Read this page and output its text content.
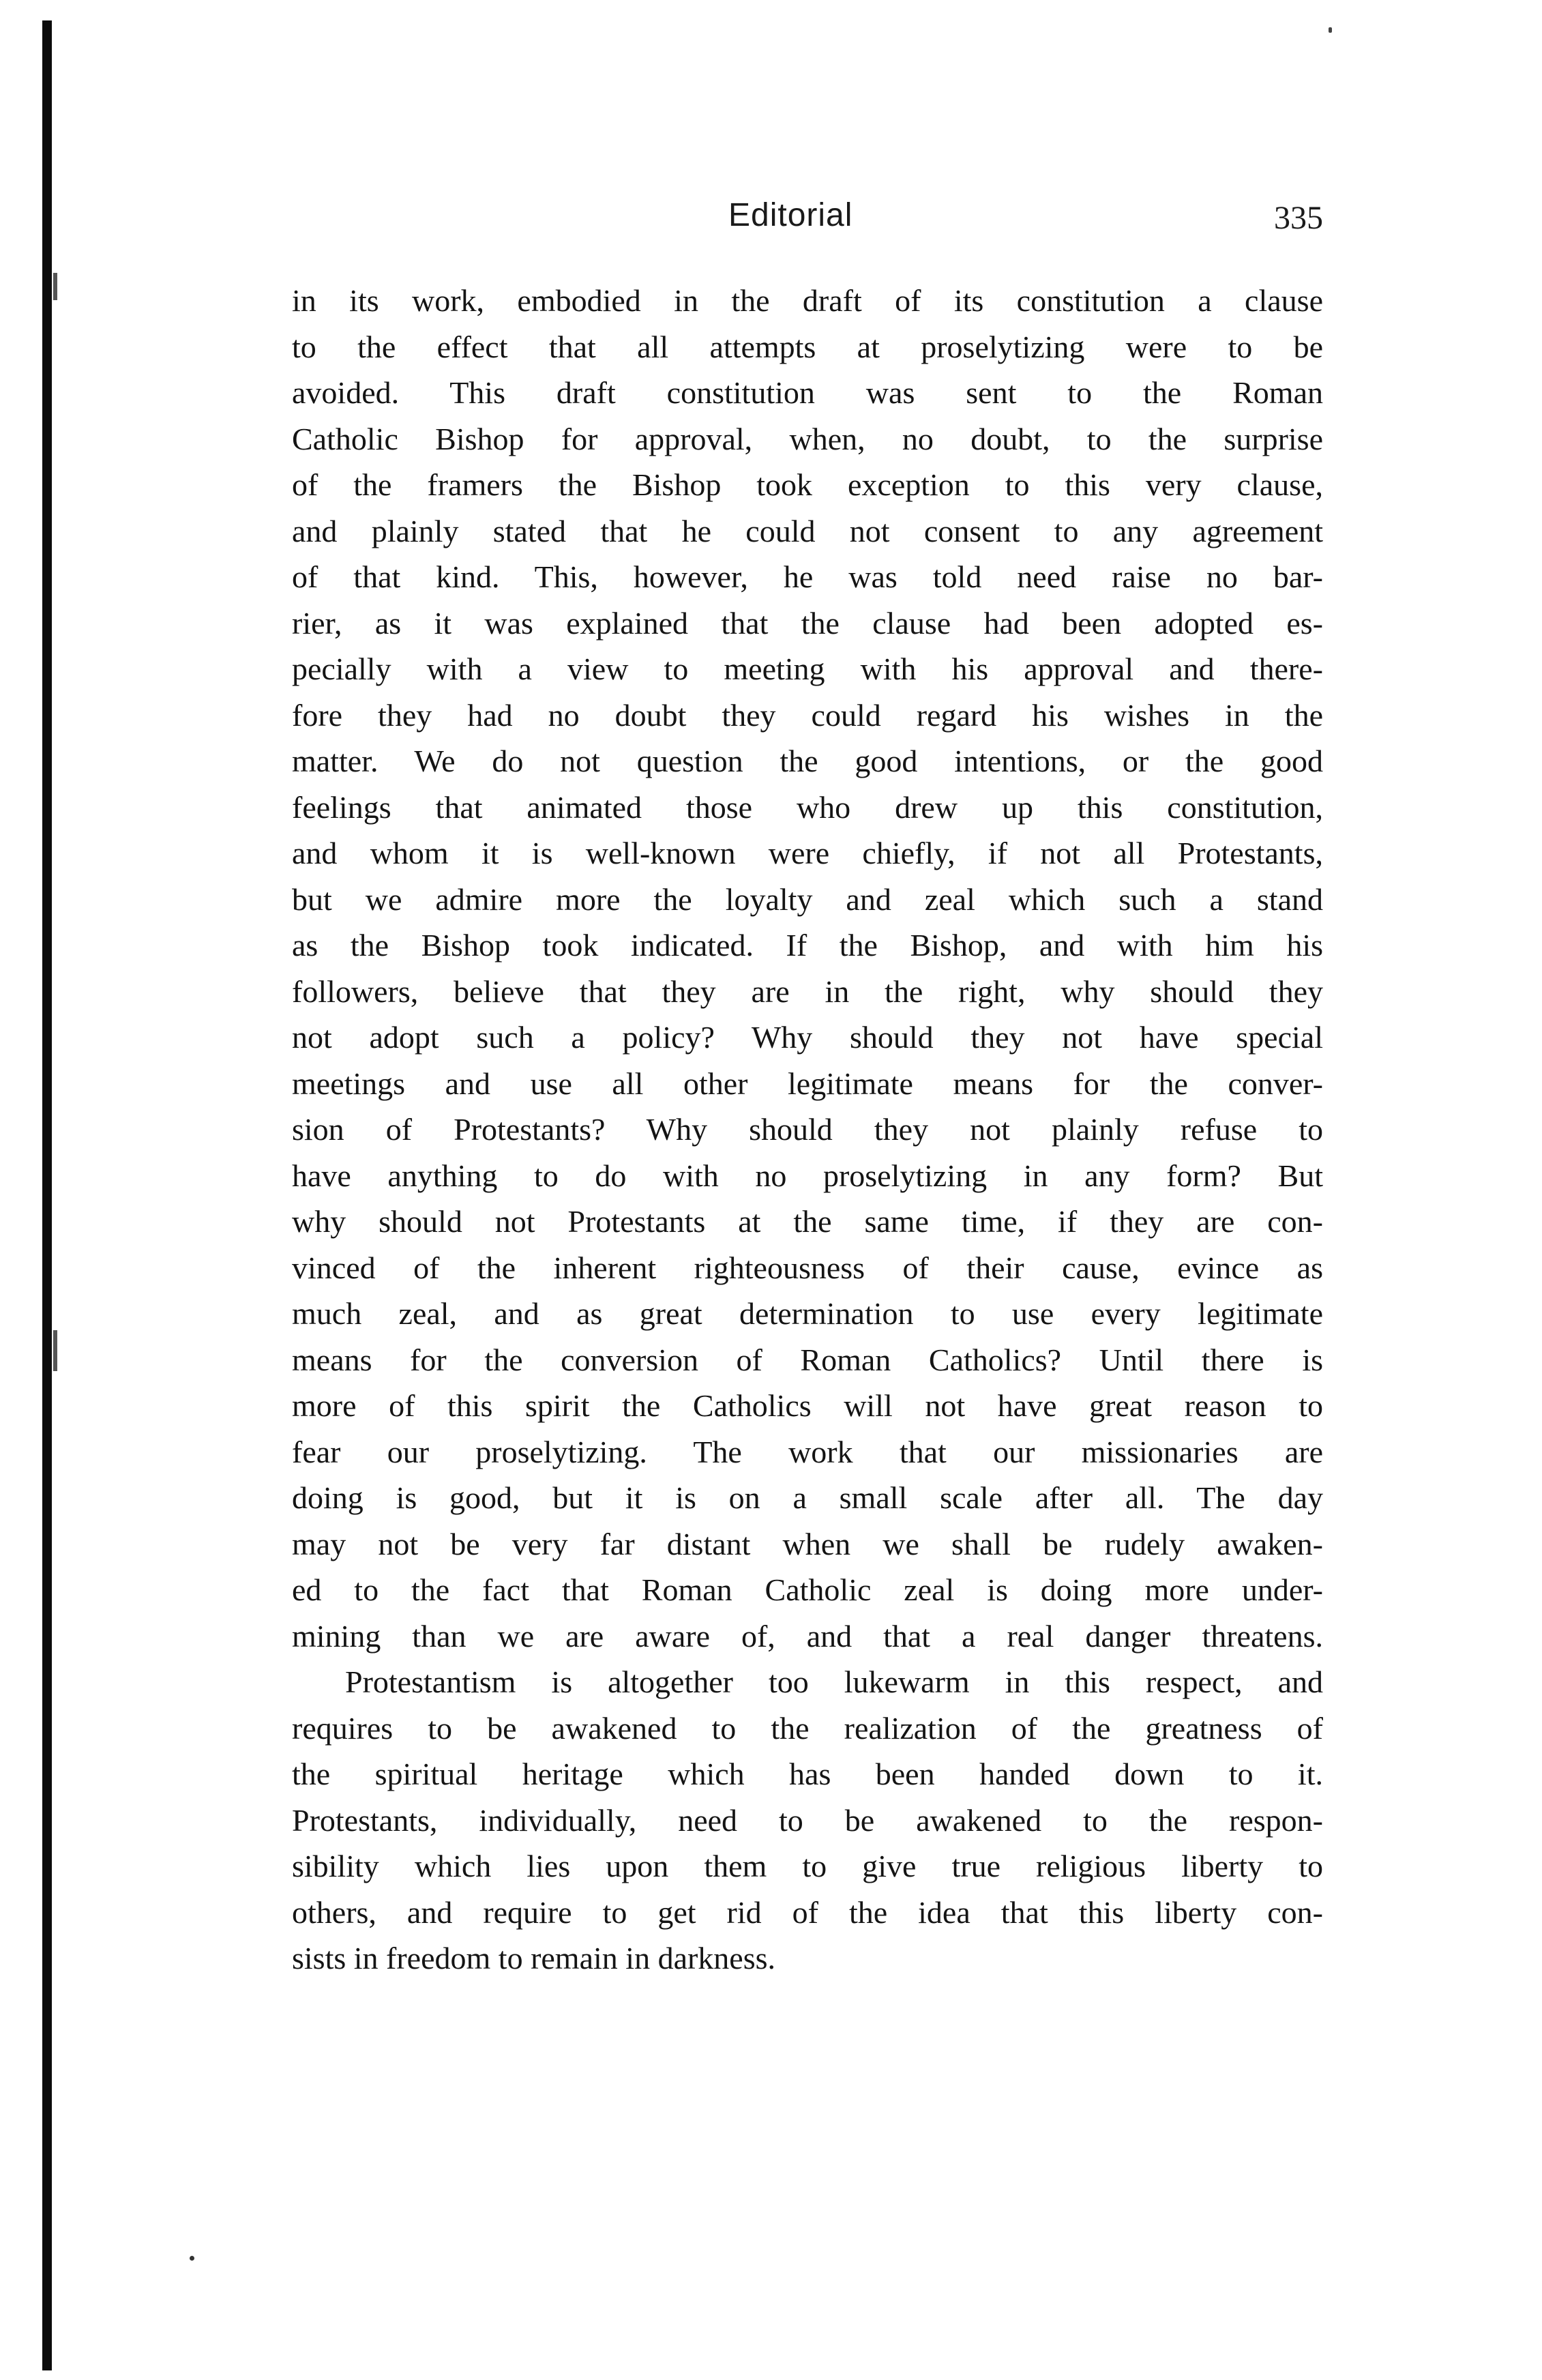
Editorial	335
in its work, embodied in the draft of its constitution a clause
to the effect that all attempts at proselytizing were to be
avoided. This draft constitution was sent to the Roman
Catholic Bishop for approval, when, no doubt, to the surprise
of the framers the Bishop took exception to this very clause,
and plainly stated that he could not consent to any agreement
of that kind. This, however, he was told need raise no bar-
rier, as it was explained that the clause had been adopted es-
pecially with a view to meeting with his approval and there-
fore they had no doubt they could regard his wishes in the
matter. We do not question the good intentions, or the good
feelings that animated those who drew up this constitution,
and whom it is well-known were chiefly, if not all Protestants,
but we admire more the loyalty and zeal which such a stand
as the Bishop took indicated. If the Bishop, and with him his
followers, believe that they are in the right, why should they
not adopt such a policy? Why should they not have special
meetings and use all other legitimate means for the conver-
sion of Protestants? Why should they not plainly refuse to
have anything to do with no proselytizing in any form? But
why should not Protestants at the same time, if they are con-
vinced of the inherent righteousness of their cause, evince as
much zeal, and as great determination to use every legitimate
means for the conversion of Roman Catholics? Until there is
more of this spirit the Catholics will not have great reason to
fear our proselytizing. The work that our missionaries are
doing is good, but it is on a small scale after all. The day
may not be very far distant when we shall be rudely awaken-
ed to the fact that Roman Catholic zeal is doing more under-
mining than we are aware of, and that a real danger threatens.
Protestantism is altogether too lukewarm in this respect, and
requires to be awakened to the realization of the greatness of
the spiritual heritage which has been handed down to it.
Protestants, individually, need to be awakened to the respon-
sibility which lies upon them to give true religious liberty to
others, and require to get rid of the idea that this liberty con-
sists in freedom to remain in darkness.
